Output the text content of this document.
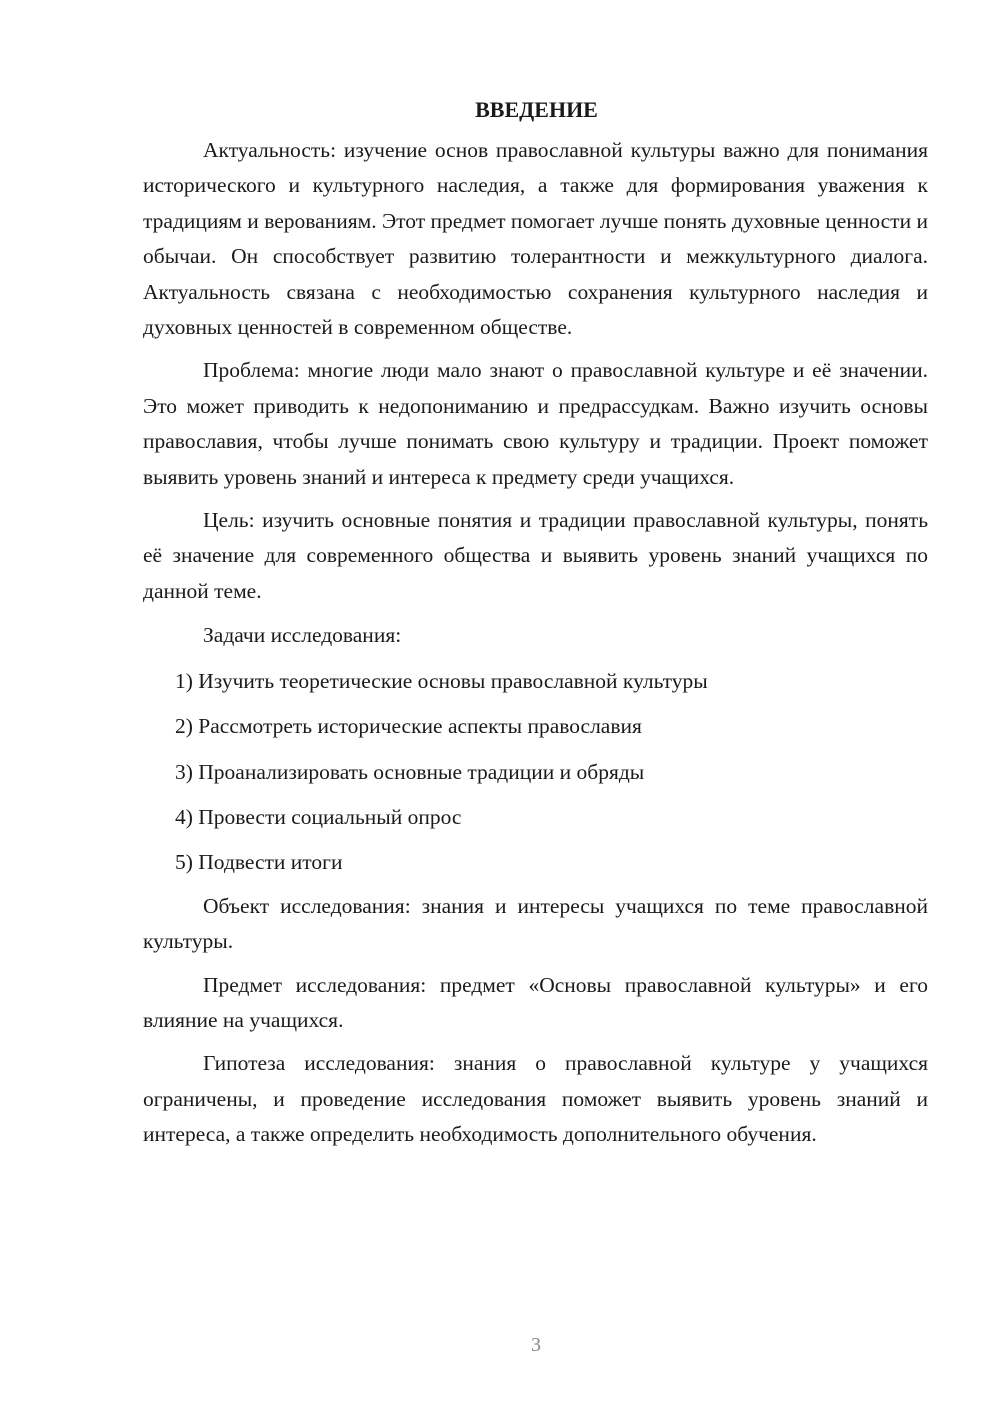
ВВЕДЕНИЕ

Актуальность: изучение основ православной культуры важно для понимания исторического и культурного наследия, а также для формирования уважения к традициям и верованиям. Этот предмет помогает лучше понять духовные ценности и обычаи. Он способствует развитию толерантности и межкультурного диалога. Актуальность связана с необходимостью сохранения культурного наследия и духовных ценностей в современном обществе.

Проблема: многие люди мало знают о православной культуре и её значении. Это может приводить к недопониманию и предрассудкам. Важно изучить основы православия, чтобы лучше понимать свою культуру и традиции. Проект поможет выявить уровень знаний и интереса к предмету среди учащихся.

Цель: изучить основные понятия и традиции православной культуры, понять её значение для современного общества и выявить уровень знаний учащихся по данной теме.

Задачи исследования:

1) Изучить теоретические основы православной культуры
2) Рассмотреть исторические аспекты православия
3) Проанализировать основные традиции и обряды
4) Провести социальный опрос
5) Подвести итоги

Объект исследования: знания и интересы учащихся по теме православной культуры.

Предмет исследования: предмет «Основы православной культуры» и его влияние на учащихся.

Гипотеза исследования: знания о православной культуре у учащихся ограничены, и проведение исследования поможет выявить уровень знаний и интереса, а также определить необходимость дополнительного обучения.

3
